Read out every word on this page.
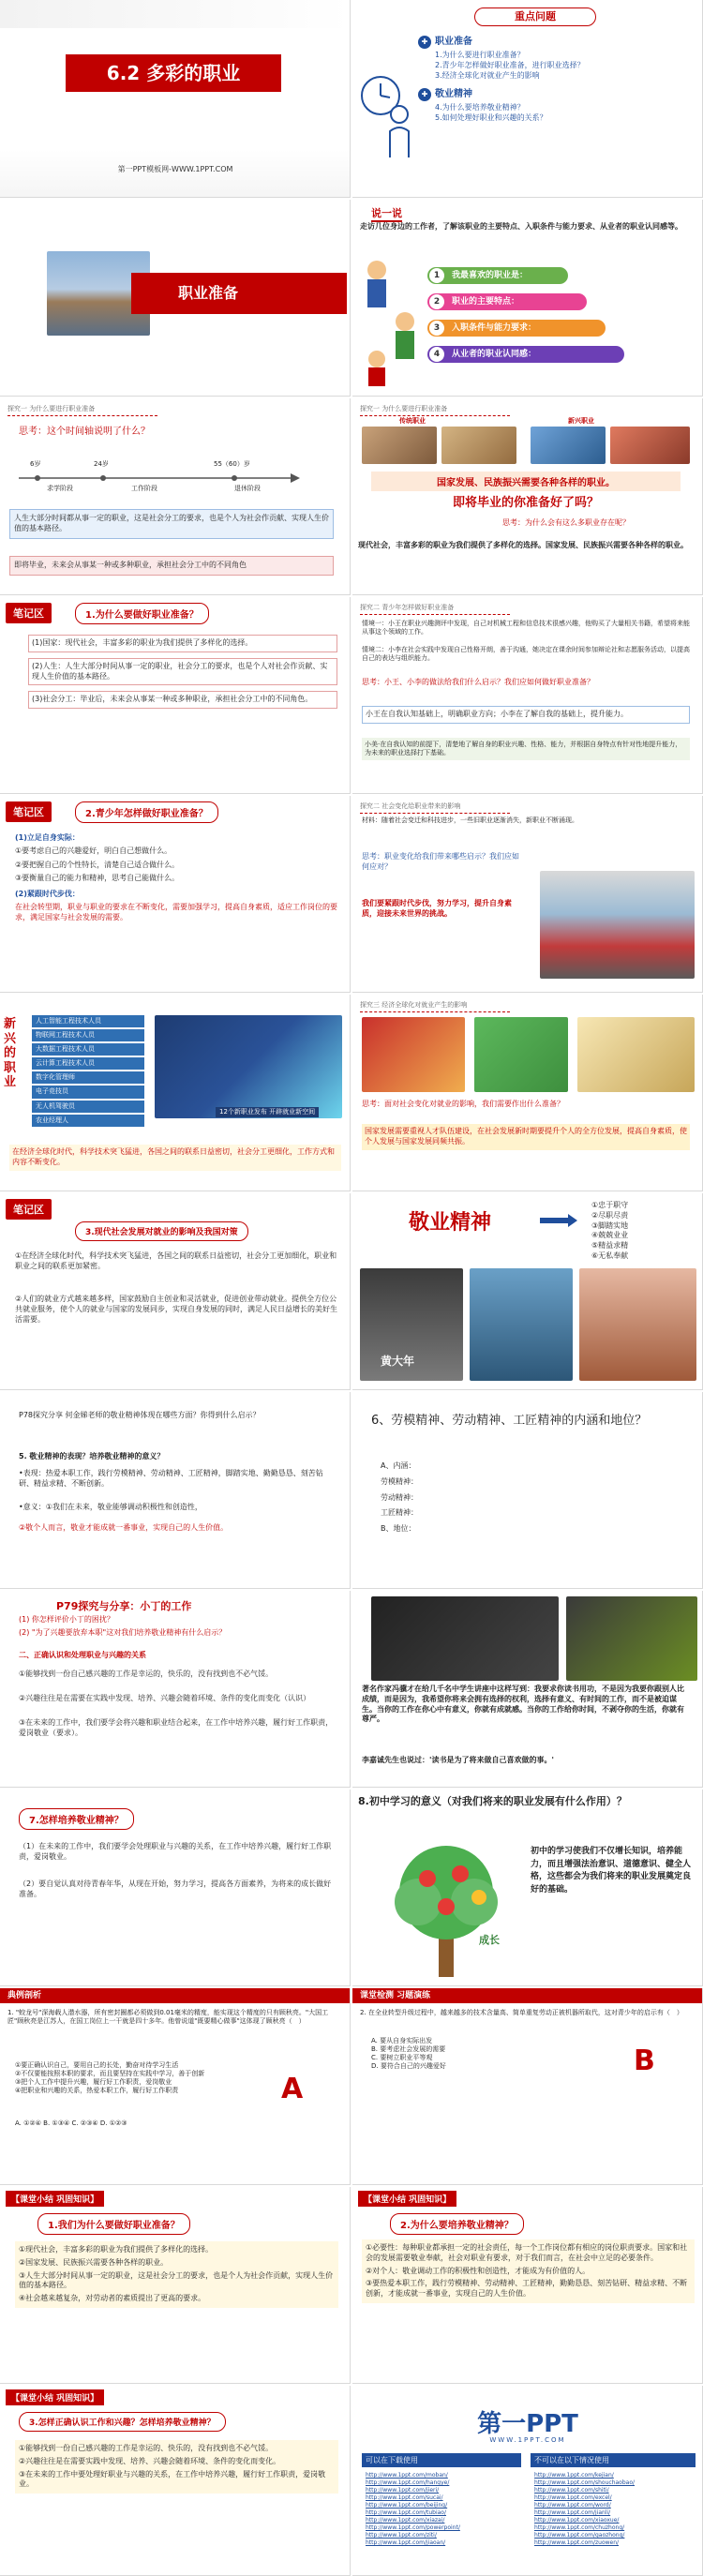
6.2 多彩的职业
第一PPT模板网-WWW.1PPT.COM
重点问题
✚ 职业准备
1.为什么要进行职业准备？
2.青少年怎样做好职业准备，进行职业选择？
3.经济全球化对就业产生的影响
✚ 敬业精神
4.为什么要培养敬业精神？
5.如何处理好职业和兴趣的关系？
职业准备
说一说
走访几位身边的工作者，了解该职业的主要特点、入职条件与能力要求、从业者的职业认同感等。
1	我最喜欢的职业是：
2	职业的主要特点：
3	入职条件与能力要求：
4	从业者的职业认同感：
探究一 为什么要进行职业准备
思考：这个时间轴说明了什么？
6岁	24岁	55（60）岁
求学阶段	工作阶段	退休阶段
人生大部分时间都从事一定的职业，这是社会分工的要求，也是个人为社会作贡献、实现人生价值的基本路径。
即将毕业，未来会从事某一种或多种职业，承担社会分工中的不同角色
探究一 为什么要进行职业准备
传统职业	新兴职业
国家发展、民族振兴需要各种各样的职业。
即将毕业的你准备好了吗？
思考：为什么会有这么多职业存在呢？
现代社会，丰富多彩的职业为我们提供了多样化的选择。国家发展、民族振兴需要各种各样的职业。
笔记区	1.为什么要做好职业准备？
(1)国家：现代社会，丰富多彩的职业为我们提供了多样化的选择。
(2)人生：人生大部分时间从事一定的职业，社会分工的要求，也是个人对社会作贡献、实现人生价值的基本路径。
(3)社会分工：毕业后，未来会从事某一种或多种职业，承担社会分工中的不同角色。
探究二 青少年怎样做好职业准备
情境一：小王在职业兴趣测评中发现，自己对机械工程和信息技术很感兴趣，他购买了大量相关书籍，希望将来能从事这个领域的工作。
情境二：小李在社会实践中发现自己性格开朗，善于沟通，她决定在课余时间参加辩论社和志愿服务活动，以提高自己的表达与组织能力。
思考：小王、小李的做法给我们什么启示？我们应如何做好职业准备？
小王在自我认知基础上，明确职业方向；小李在了解自我的基础上，提升能力。
小美·在自我认知的前提下，清楚地了解自身的职业兴趣、性格、能力，并根据自身特点有针对性地提升能力，为未来的职业选择打下基础。
笔记区	2.青少年怎样做好职业准备？
(1)立足自身实际：
①要考虑自己的兴趣爱好，明白自己想做什么。
②要把握自己的个性特长，清楚自己适合做什么。
③要衡量自己的能力和精神，思考自己能做什么。
(2)紧跟时代步伐：
在社会转型期，职业与职业的要求在不断变化，需要加强学习，提高自身素质，适应工作岗位的要求，满足国家与社会发展的需要。
探究二 社会变化给职业带来的影响
材料：随着社会变迁和科技进步，一些旧职业逐渐消失，新职业不断涌现。
思考：职业变化给我们带来哪些启示？我们应如何应对？
我们要紧跟时代步伐，努力学习，提升自身素质，迎接未来世界的挑战。
新兴的职业
人工智能工程技术人员
物联网工程技术人员
大数据工程技术人员
云计算工程技术人员
数字化管理师
电子竞技员
无人机驾驶员
农业经理人
12个新职业发布 开辟就业新空间
在经济全球化时代，科学技术突飞猛进，各国之间的联系日益密切，社会分工更细化，工作方式和内容不断变化。
探究三 经济全球化对就业产生的影响
思考：面对社会变化对就业的影响，我们需要作出什么准备？
国家发展需要重视人才队伍建设，在社会发展新时期要提升个人的全方位发展，提高自身素质，使个人发展与国家发展同频共振。
笔记区
3.现代社会发展对就业的影响及我国对策
①在经济全球化时代，科学技术突飞猛进，各国之间的联系日益密切，社会分工更加细化，职业和职业之间的联系更加紧密。
②人们的就业方式越来越多样，国家鼓励自主创业和灵活就业，促进创业带动就业。提供全方位公共就业服务，使个人的就业与国家的发展同步，实现自身发展的同时，满足人民日益增长的美好生活需要。
敬业精神
①忠于职守
②尽职尽责
③脚踏实地
④兢兢业业
⑤精益求精
⑥无私奉献
黄大年
P78探究分享 何金娣老师的敬业精神体现在哪些方面？你得到什么启示？
5. 敬业精神的表现？培养敬业精神的意义？
•表现：热爱本职工作，践行劳模精神、劳动精神、工匠精神，脚踏实地、勤勤恳恳、刻苦钻研、精益求精、不断创新。
•意义：①我们在未来，敬业能够调动积极性和创造性，
②敬个人而言，敬业才能成就一番事业，实现自己的人生价值。
6、劳模精神、劳动精神、工匠精神的内涵和地位？
A、内涵：
劳模精神：
劳动精神：
工匠精神：
B、地位：
P79探究与分享：小丁的工作
(1) 你怎样评价小丁的困扰？
(2) "为了兴趣要放弃本职"这对我们培养敬业精神有什么启示？
二、正确认识和处理职业与兴趣的关系
①能够找到一份自己感兴趣的工作是幸运的，快乐的，没有找到也不必气馁。
②兴趣往往是在需要在实践中发现、培养、兴趣会随着环境、条件的变化而变化（认识）
③在未来的工作中，我们要学会将兴趣和职业结合起来，在工作中培养兴趣，履行好工作职责，爱岗敬业（要求）。
著名作家冯骥才在给几千名中学生讲座中这样写到：我要求你读书用功，不是因为我要你跟别人比成绩，而是因为，我希望你将来会拥有选择的权利，选择有意义、有时间的工作，而不是被迫谋生。当你的工作在你心中有意义，你就有成就感。当你的工作给你时间，不剥夺你的生活，你就有尊严。
李嘉诚先生也说过：'读书是为了将来做自己喜欢做的事。'
7.怎样培养敬业精神？
（1）在未来的工作中，我们要学会处理职业与兴趣的关系，在工作中培养兴趣，履行好工作职责，爱岗敬业。
（2）要自觉认真对待青春年华，从现在开始，努力学习，提高各方面素养，为将来的成长做好准备。
8.初中学习的意义（对我们将来的职业发展有什么作用）？
成长
初中的学习使我们不仅增长知识，培养能力，而且增强法治意识、道德意识、健全人格，这些都会为我们将来的职业发展奠定良好的基础。
典例剖析
1. "蛟龙号"深海载人潜水器，所有密封圈都必须做到0.01毫米的精度，能实现这个精度的只有顾秋亮。"大国工匠"顾秋亮是江苏人，在国工岗位上一干就是四十多年。他曾说道"既要精心做事"这体现了顾秋亮（　）
①要正确认识自己，要用自己的长处，勤奋对待学习生活
②不仅要能按照本职的要求，而且要坚持在实践中学习，善于创新
③把个人工作中提升兴趣，履行好工作职责，爱岗敬业
④把职业和兴趣的关系，热爱本职工作，履行好工作职责
A. ①②④ B. ①③④ C. ②③④ D. ①②③
A
课堂检测 习题演练
2. 在全业转型升级过程中，越来越多的技术含量高、简单重复劳动正被机器所取代，这对青少年的启示有（　）
A. 要从自身实际出发
B. 要考虑社会发展的需要
C. 要树立职业平等观
D. 要符合自己的兴趣爱好	B
【课堂小结 巩固知识】
1.我们为什么要做好职业准备？
①现代社会，丰富多彩的职业为我们提供了多样化的选择。
②国家发展、民族振兴需要各种各样的职业。
③人生大部分时间从事一定的职业，这是社会分工的要求，也是个人为社会作贡献，实现人生价值的基本路径。
④社会越来越复杂，对劳动者的素质提出了更高的要求。
【课堂小结 巩固知识】
2.为什么要培养敬业精神？
①必要性：每种职业都承担一定的社会责任，每一个工作岗位都有相应的岗位职责要求。国家和社会的发展需要敬业奉献，社会对职业有要求，对于我们而言，在社会中立足的必要条件。
②对个人：敬业调动工作的积极性和创造性，才能成为有价值的人。
③要热爱本职工作，践行劳模精神、劳动精神、工匠精神，勤勤恳恳、刻苦钻研、精益求精、不断创新，才能成就一番事业，实现自己的人生价值。
【课堂小结 巩固知识】
3.怎样正确认识工作和兴趣？怎样培养敬业精神？
①能够找到一份自己感兴趣的工作是幸运的、快乐的，没有找到也不必气馁。
②兴趣往往是在需要实践中发现、培养、兴趣会随着环境、条件的变化而变化。
③在未来的工作中要处理好职业与兴趣的关系，在工作中培养兴趣，履行好工作职责，爱岗敬业。
第一PPT
WWW.1PPT.COM
可以在下载使用	不可以在以下情况使用
http://www.1ppt.com/moban/
http://www.1ppt.com/hangye/
http://www.1ppt.com/jieri/
http://www.1ppt.com/sucai/
http://www.1ppt.com/beijing/
http://www.1ppt.com/tubiao/
http://www.1ppt.com/xiazai/
http://www.1ppt.com/powerpoint/
http://www.1ppt.com/ziti/
http://www.1ppt.com/jiaoan/
http://www.1ppt.com/kejian/
http://www.1ppt.com/shouchaobao/
http://www.1ppt.com/shiti/
http://www.1ppt.com/excel/
http://www.1ppt.com/word/
http://www.1ppt.com/jianli/
http://www.1ppt.com/xiaoxue/
http://www.1ppt.com/chuzhong/
http://www.1ppt.com/gaozhong/
http://www.1ppt.com/zuowen/
